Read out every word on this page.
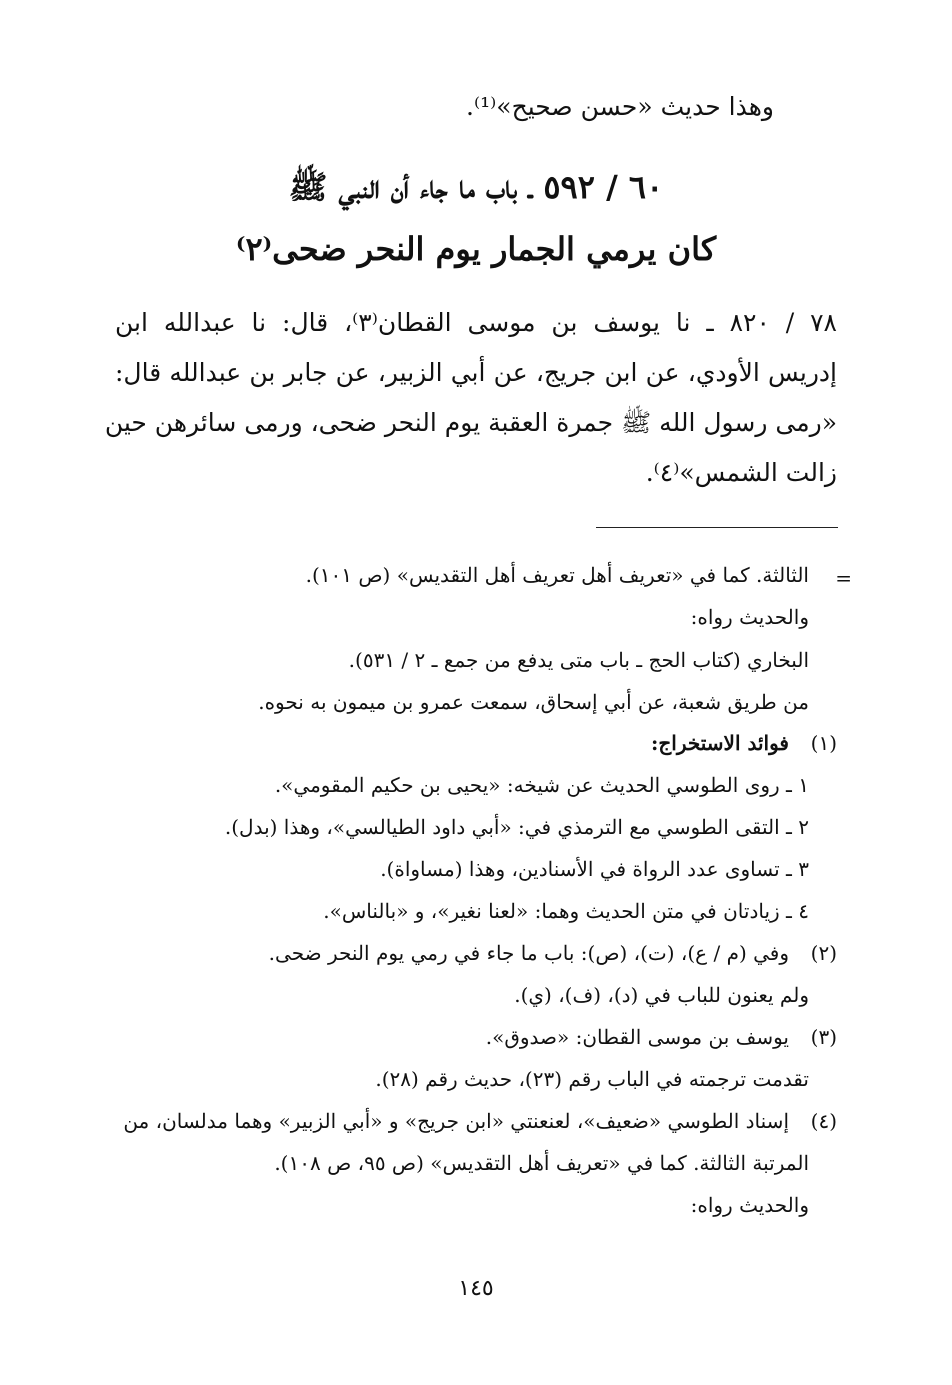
وهذا حديث «حسن صحيح»⁽¹⁾.
٦٠ / ٥٩٢ ـ باب ما جاء أن النبي ﷺ
كان يرمي الجمار يوم النحر ضحى⁽٢⁾
٧٨ / ٨٢٠ ـ نا يوسف بن موسى القطان⁽٣⁾، قال: نا عبدالله ابن
إدريس الأودي، عن ابن جريج، عن أبي الزبير، عن جابر بن عبدالله قال:
«رمى رسول الله ﷺ جمرة العقبة يوم النحر ضحى، ورمى سائرهن حين
زالت الشمس»⁽٤⁾.
=
الثالثة. كما في «تعريف أهل تعريف أهل التقديس» (ص ١٠١).
والحديث رواه:
البخاري (كتاب الحج ـ باب متى يدفع من جمع ـ ٢ / ٥٣١).
من طريق شعبة، عن أبي إسحاق، سمعت عمرو بن ميمون به نحوه.
(١)
فوائد الاستخراج:
١ ـ روى الطوسي الحديث عن شيخه: «يحيى بن حكيم المقومي».
٢ ـ التقى الطوسي مع الترمذي في: «أبي داود الطيالسي»، وهذا (بدل).
٣ ـ تساوى عدد الرواة في الأسنادين، وهذا (مساواة).
٤ ـ زيادتان في متن الحديث وهما: «لعنا نغير»، و «بالناس».
(٢)
وفي (م / ع)، (ت)، (ص): باب ما جاء في رمي يوم النحر ضحى.
ولم يعنون للباب في (د)، (ف)، (ي).
(٣)
يوسف بن موسى القطان: «صدوق».
تقدمت ترجمته في الباب رقم (٢٣)، حديث رقم (٢٨).
(٤)
إسناد الطوسي «ضعيف»، لعنعنتي «ابن جريج» و «أبي الزبير» وهما مدلسان، من
المرتبة الثالثة. كما في «تعريف أهل التقديس» (ص ٩٥، ص ١٠٨).
والحديث رواه:
١٤٥
